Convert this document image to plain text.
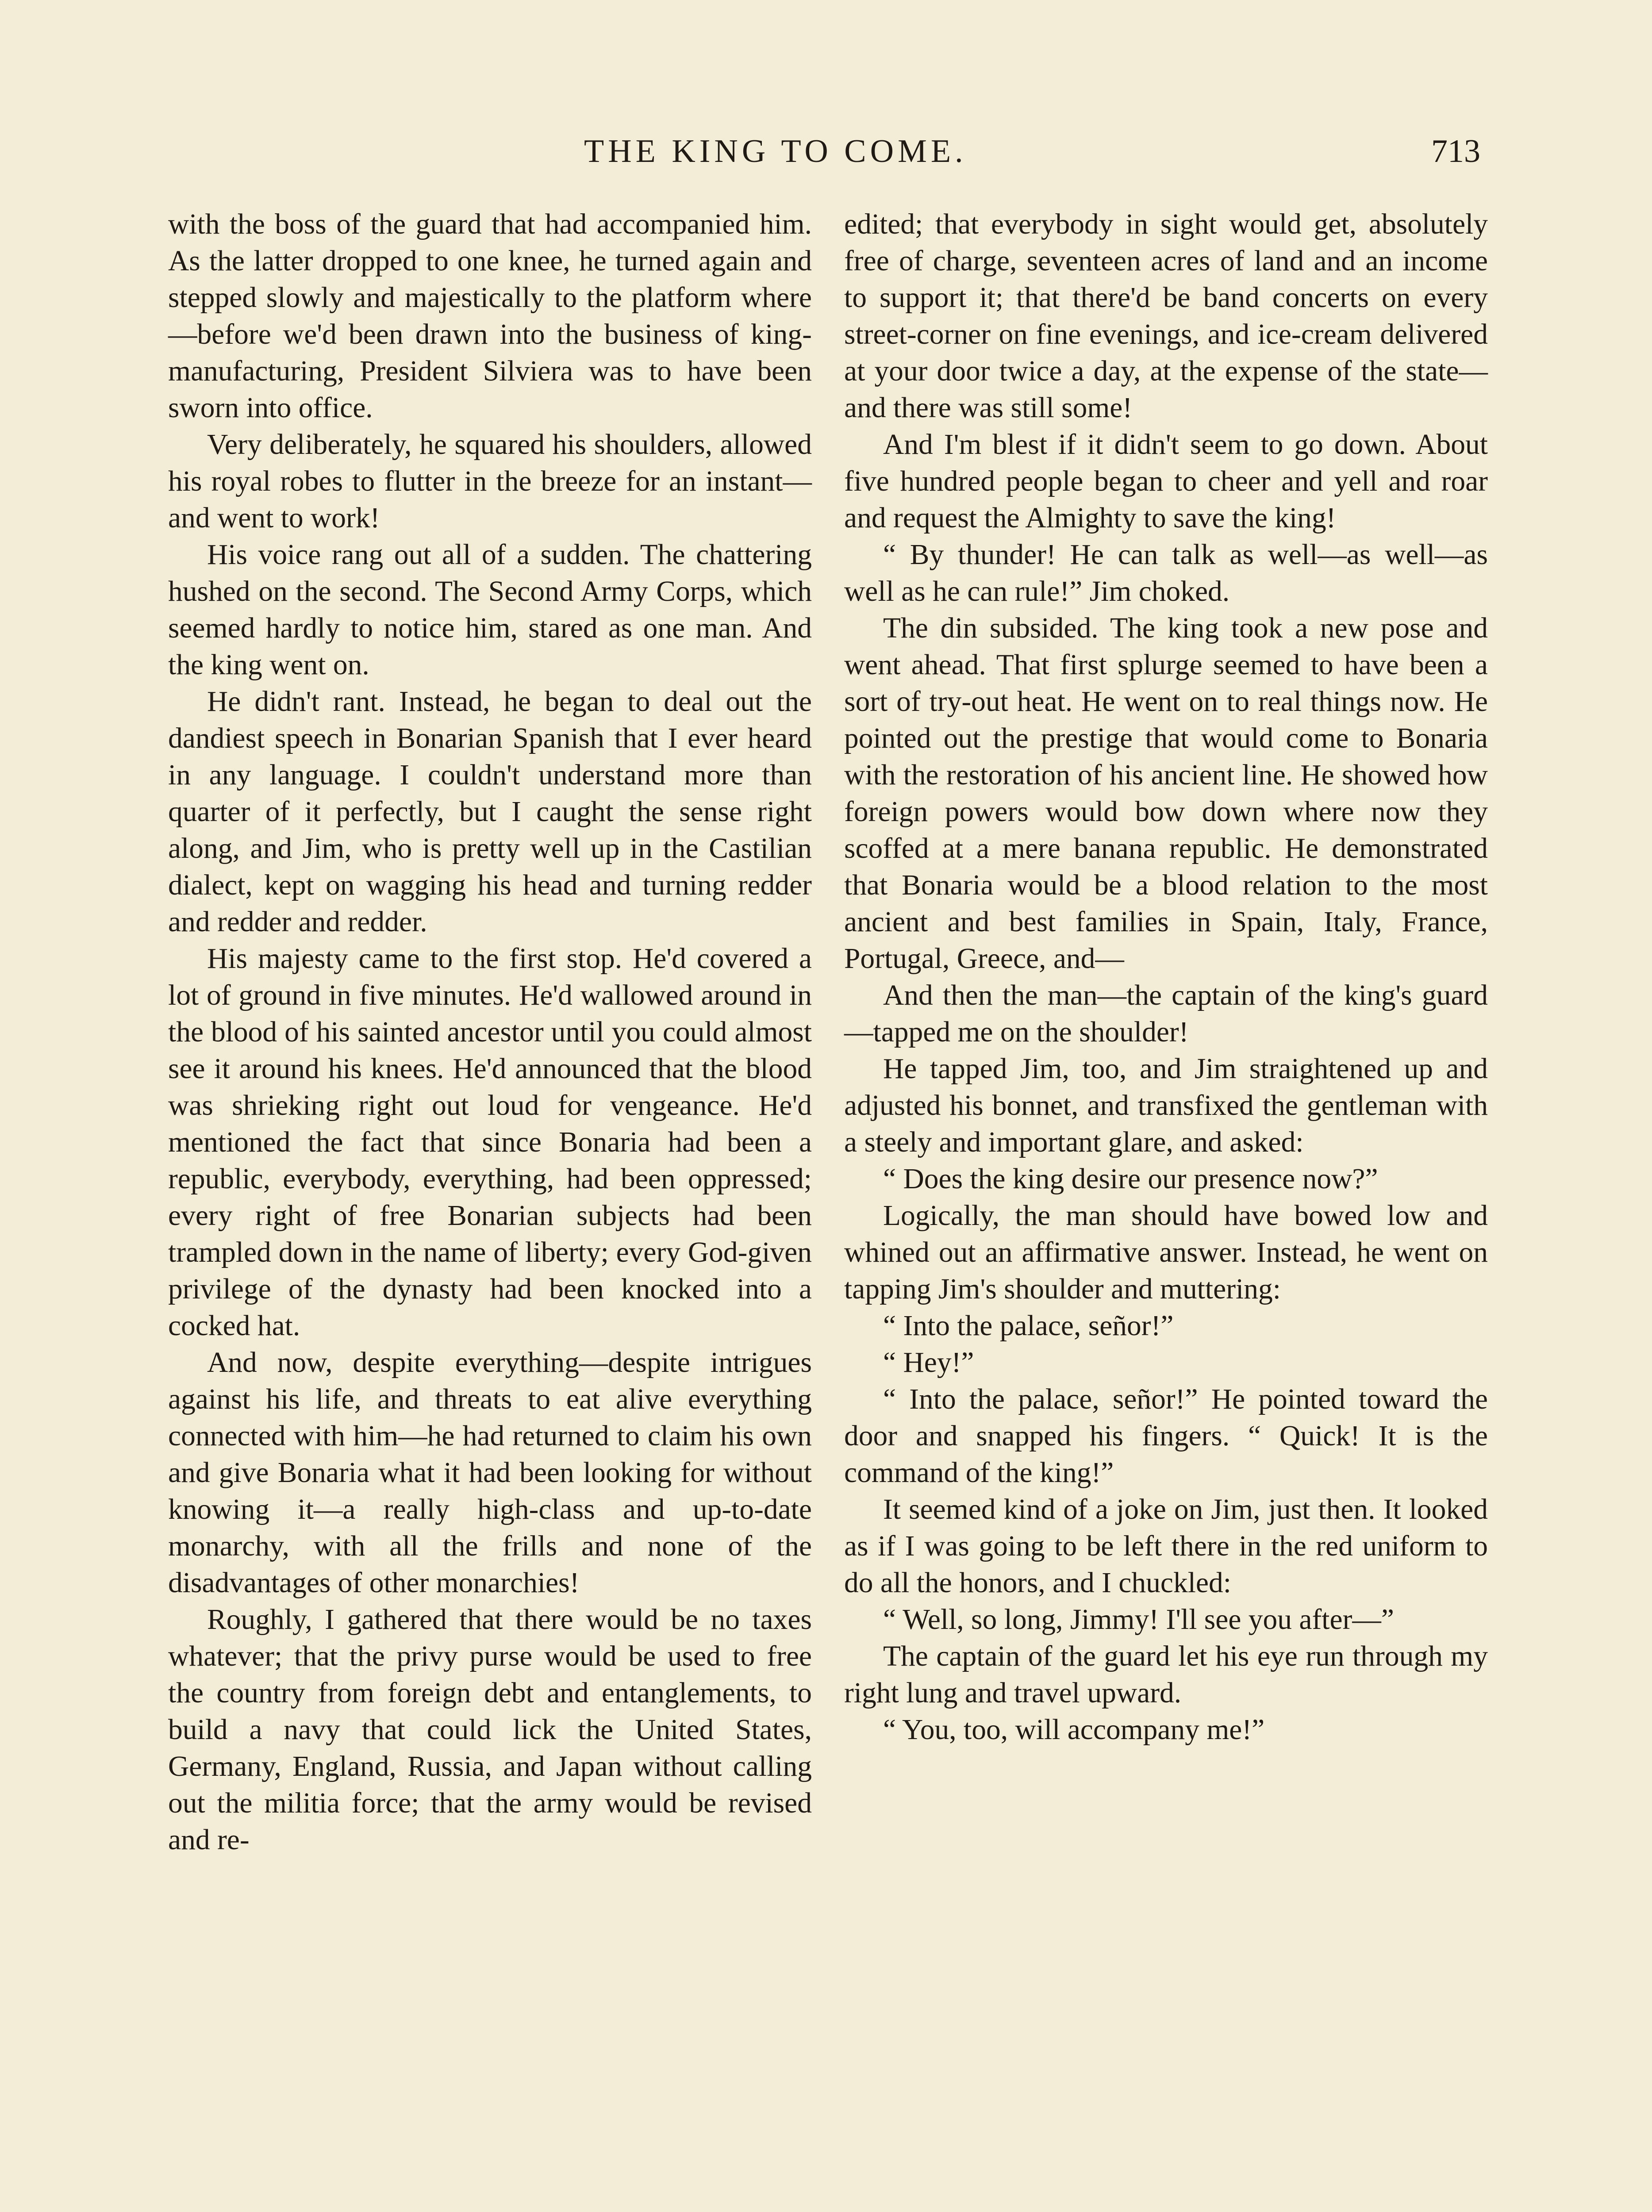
THE KING TO COME.	713

with the boss of the guard that had accompanied him. As the latter dropped to one knee, he turned again and stepped slowly and majestically to the platform where—before we'd been drawn into the business of king-manufacturing, President Silviera was to have been sworn into office.

Very deliberately, he squared his shoulders, allowed his royal robes to flutter in the breeze for an instant—and went to work!

His voice rang out all of a sudden. The chattering hushed on the second. The Second Army Corps, which seemed hardly to notice him, stared as one man. And the king went on.

He didn't rant. Instead, he began to deal out the dandiest speech in Bonarian Spanish that I ever heard in any language. I couldn't understand more than quarter of it perfectly, but I caught the sense right along, and Jim, who is pretty well up in the Castilian dialect, kept on wagging his head and turning redder and redder and redder.

His majesty came to the first stop. He'd covered a lot of ground in five minutes. He'd wallowed around in the blood of his sainted ancestor until you could almost see it around his knees. He'd announced that the blood was shrieking right out loud for vengeance. He'd mentioned the fact that since Bonaria had been a republic, everybody, everything, had been oppressed; every right of free Bonarian subjects had been trampled down in the name of liberty; every God-given privilege of the dynasty had been knocked into a cocked hat.

And now, despite everything—despite intrigues against his life, and threats to eat alive everything connected with him—he had returned to claim his own and give Bonaria what it had been looking for without knowing it—a really high-class and up-to-date monarchy, with all the frills and none of the disadvantages of other monarchies!

Roughly, I gathered that there would be no taxes whatever; that the privy purse would be used to free the country from foreign debt and entanglements, to build a navy that could lick the United States, Germany, England, Russia, and Japan without calling out the militia force; that the army would be revised and re-

edited; that everybody in sight would get, absolutely free of charge, seventeen acres of land and an income to support it; that there'd be band concerts on every street-corner on fine evenings, and ice-cream delivered at your door twice a day, at the expense of the state—and there was still some!

And I'm blest if it didn't seem to go down. About five hundred people began to cheer and yell and roar and request the Almighty to save the king!

“ By thunder! He can talk as well—as well—as well as he can rule!” Jim choked.

The din subsided. The king took a new pose and went ahead. That first splurge seemed to have been a sort of try-out heat. He went on to real things now. He pointed out the prestige that would come to Bonaria with the restoration of his ancient line. He showed how foreign powers would bow down where now they scoffed at a mere banana republic. He demonstrated that Bonaria would be a blood relation to the most ancient and best families in Spain, Italy, France, Portugal, Greece, and—

And then the man—the captain of the king's guard—tapped me on the shoulder!

He tapped Jim, too, and Jim straightened up and adjusted his bonnet, and transfixed the gentleman with a steely and important glare, and asked:

“ Does the king desire our presence now?”

Logically, the man should have bowed low and whined out an affirmative answer. Instead, he went on tapping Jim's shoulder and muttering:

“ Into the palace, señor!”

“ Hey!”

“ Into the palace, señor!” He pointed toward the door and snapped his fingers. “ Quick! It is the command of the king!”

It seemed kind of a joke on Jim, just then. It looked as if I was going to be left there in the red uniform to do all the honors, and I chuckled:

“ Well, so long, Jimmy! I'll see you after—”

The captain of the guard let his eye run through my right lung and travel upward.

“ You, too, will accompany me!”
